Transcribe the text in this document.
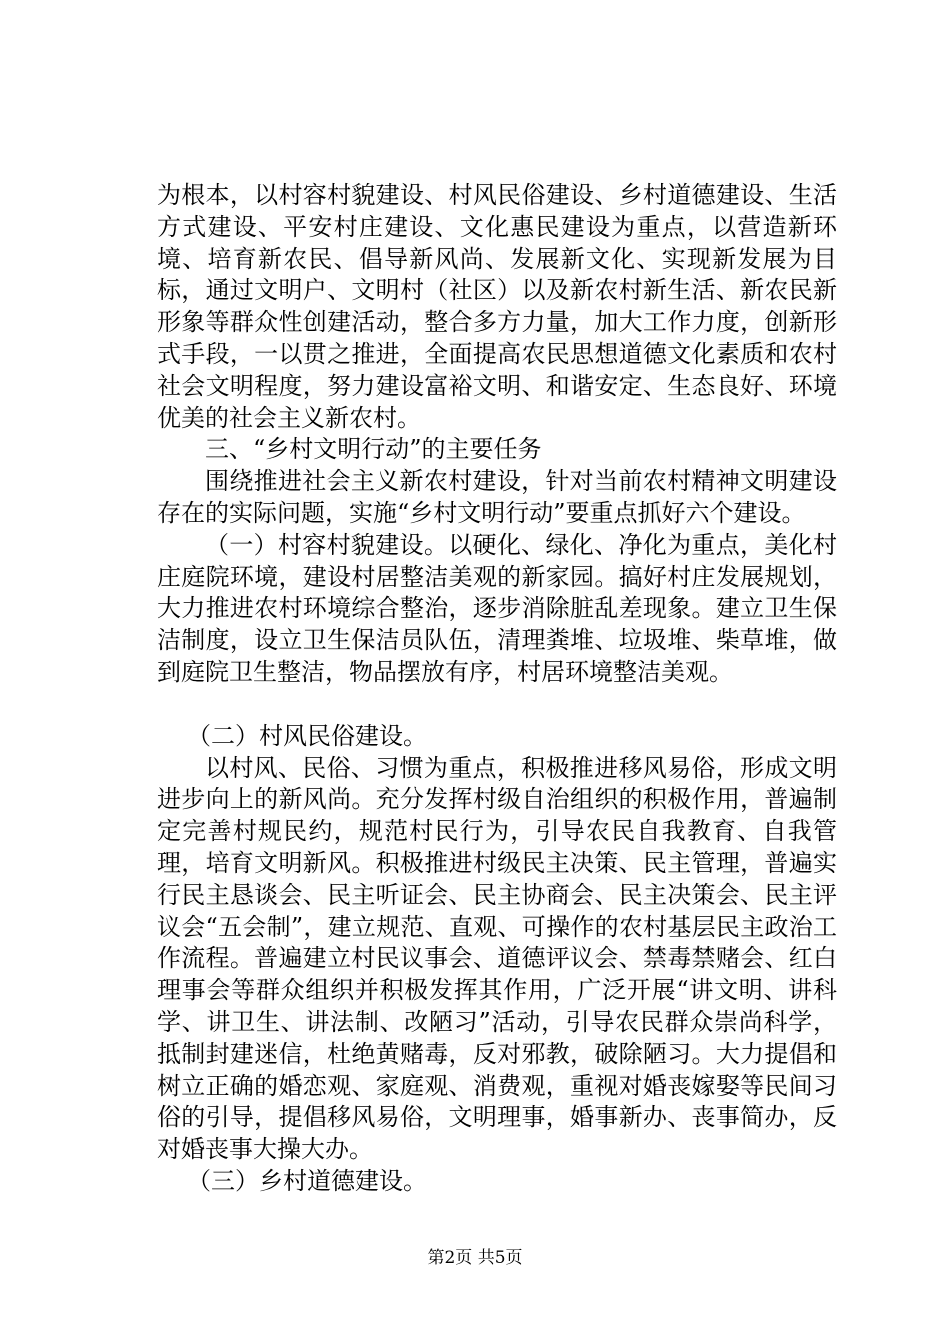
为根本，以村容村貌建设、村风民俗建设、乡村道德建设、生活方式建设、平安村庄建设、文化惠民建设为重点，以营造新环境、培育新农民、倡导新风尚、发展新文化、实现新发展为目标，通过文明户、文明村（社区）以及新农村新生活、新农民新形象等群众性创建活动，整合多方力量，加大工作力度，创新形式手段，一以贯之推进，全面提高农民思想道德文化素质和农村社会文明程度，努力建设富裕文明、和谐安定、生态良好、环境优美的社会主义新农村。

三、“乡村文明行动”的主要任务

围绕推进社会主义新农村建设，针对当前农村精神文明建设存在的实际问题，实施“乡村文明行动”要重点抓好六个建设。

（一）村容村貌建设。以硬化、绿化、净化为重点，美化村庄庭院环境，建设村居整洁美观的新家园。搞好村庄发展规划，大力推进农村环境综合整治，逐步消除脏乱差现象。建立卫生保洁制度，设立卫生保洁员队伍，清理粪堆、垃圾堆、柴草堆，做到庭院卫生整洁，物品摆放有序，村居环境整洁美观。

（二）村风民俗建设。

以村风、民俗、习惯为重点，积极推进移风易俗，形成文明进步向上的新风尚。充分发挥村级自治组织的积极作用，普遍制定完善村规民约，规范村民行为，引导农民自我教育、自我管理，培育文明新风。积极推进村级民主决策、民主管理，普遍实行民主恳谈会、民主听证会、民主协商会、民主决策会、民主评议会“五会制”，建立规范、直观、可操作的农村基层民主政治工作流程。普遍建立村民议事会、道德评议会、禁毒禁赌会、红白理事会等群众组织并积极发挥其作用，广泛开展“讲文明、讲科学、讲卫生、讲法制、改陋习”活动，引导农民群众崇尚科学，抵制封建迷信，杜绝黄赌毒，反对邪教，破除陋习。大力提倡和树立正确的婚恋观、家庭观、消费观，重视对婚丧嫁娶等民间习俗的引导，提倡移风易俗，文明理事，婚事新办、丧事简办，反对婚丧事大操大办。

（三）乡村道德建设。

第2页 共5页
